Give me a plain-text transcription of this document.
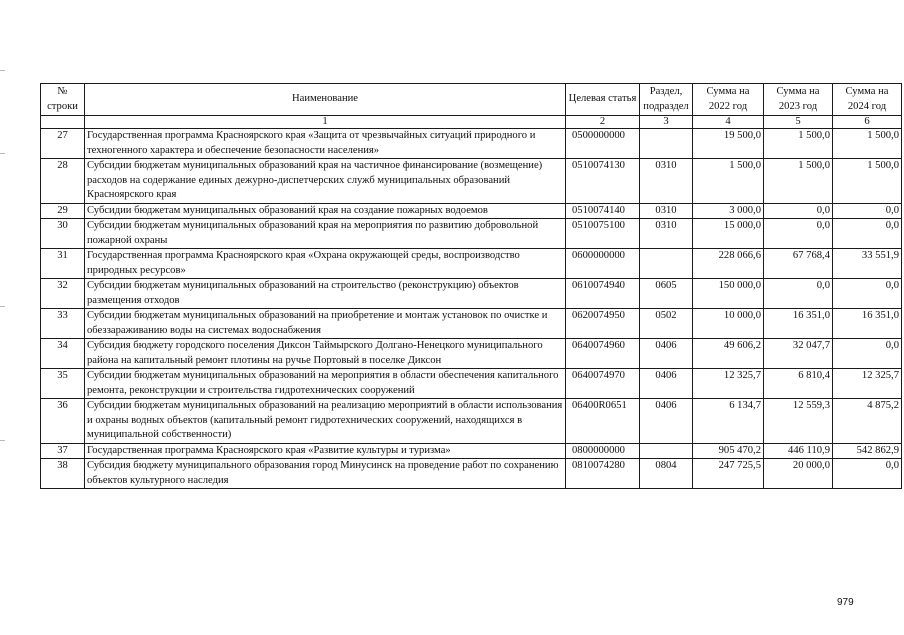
№ строки	Наименование	Целевая статья	Раздел, подраздел	Сумма на 2022 год	Сумма на 2023 год	Сумма на 2024 год
	1	2	3	4	5	6
27	Государственная программа Красноярского края «Защита от чрезвычайных ситуаций природного и техногенного характера и обеспечение безопасности населения»	0500000000		19 500,0	1 500,0	1 500,0
28	Субсидии бюджетам муниципальных образований края на частичное финансирование (возмещение) расходов на содержание единых дежурно-диспетчерских служб муниципальных образований Красноярского края	0510074130	0310	1 500,0	1 500,0	1 500,0
29	Субсидии бюджетам муниципальных образований края на создание пожарных водоемов	0510074140	0310	3 000,0	0,0	0,0
30	Субсидии бюджетам муниципальных образований края на мероприятия по развитию добровольной пожарной охраны	0510075100	0310	15 000,0	0,0	0,0
31	Государственная программа Красноярского края «Охрана окружающей среды, воспроизводство природных ресурсов»	0600000000		228 066,6	67 768,4	33 551,9
32	Субсидии бюджетам муниципальных образований на строительство (реконструкцию) объектов размещения отходов	0610074940	0605	150 000,0	0,0	0,0
33	Субсидии бюджетам муниципальных образований на приобретение и монтаж установок по очистке и обеззараживанию воды на системах водоснабжения	0620074950	0502	10 000,0	16 351,0	16 351,0
34	Субсидия бюджету городского поселения Диксон Таймырского Долгано-Ненецкого муниципального района на капитальный ремонт плотины на ручье Портовый в поселке Диксон	0640074960	0406	49 606,2	32 047,7	0,0
35	Субсидии бюджетам муниципальных образований на мероприятия в области обеспечения капитального ремонта, реконструкции и строительства гидротехнических сооружений	0640074970	0406	12 325,7	6 810,4	12 325,7
36	Субсидии бюджетам муниципальных образований на реализацию мероприятий в области использования и охраны водных объектов (капитальный ремонт гидротехнических сооружений, находящихся в муниципальной собственности)	06400R0651	0406	6 134,7	12 559,3	4 875,2
37	Государственная программа Красноярского края «Развитие культуры и туризма»	0800000000		905 470,2	446 110,9	542 862,9
38	Субсидия бюджету муниципального образования город Минусинск на проведение работ по сохранению объектов культурного наследия	0810074280	0804	247 725,5	20 000,0	0,0
979
